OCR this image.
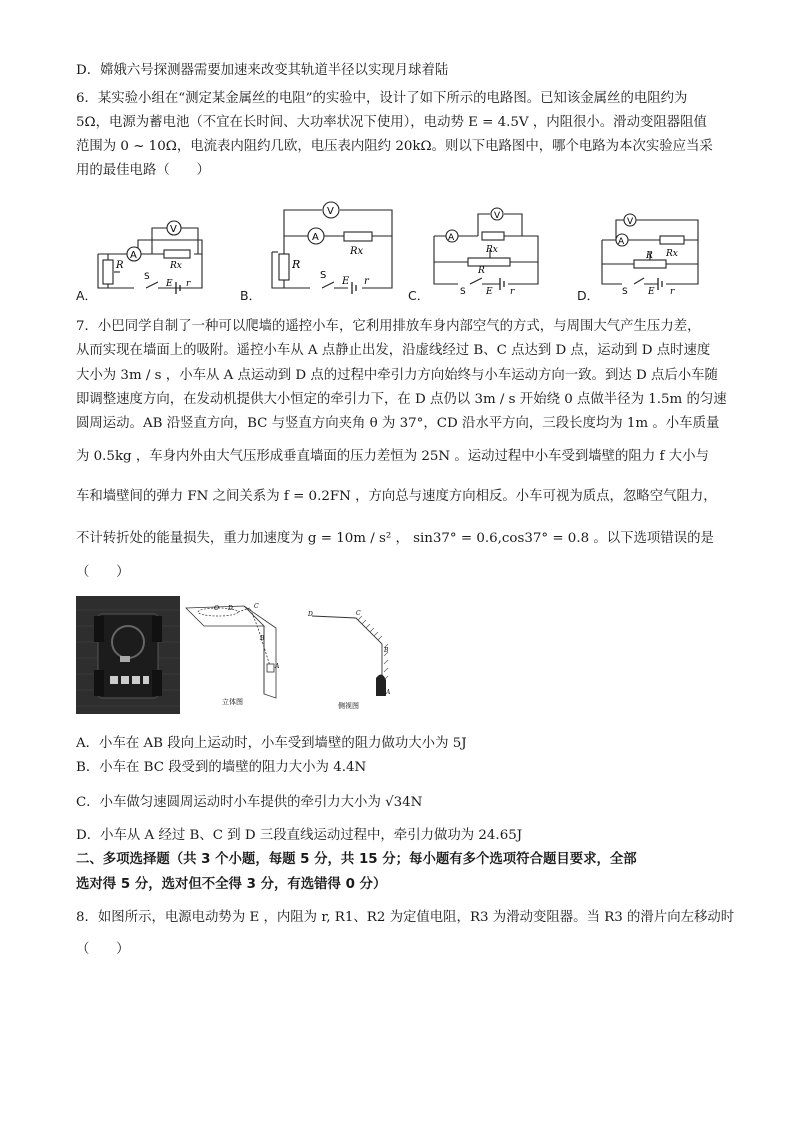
D．嫦娥六号探测器需要加速来改变其轨道半径以实现月球着陆
6．某实验小组在“测定某金属丝的电阻”的实验中，设计了如下所示的电路图。已知该金属丝的电阻约为
5Ω，电源为蓄电池（不宜在长时间、大功率状况下使用），电动势 E = 4.5V ，内阻很小。滑动变阻器阻值
范围为 0 ~ 10Ω，电流表内阻约几欧，电压表内阻约 20kΩ。则以下电路图中，哪个电路为本次实验应当采
用的最佳电路（　　）
A．	B．	C．	D．
A
V
R	Rx
S
E r
A
V
R
Rx
S
E r
A
V
Rx
R
S E r
A
V
Rx
R
S E r
7．小巴同学自制了一种可以爬墙的遥控小车，它利用排放车身内部空气的方式，与周围大气产生压力差，
从而实现在墙面上的吸附。遥控小车从 A 点静止出发，沿虚线经过 B、C 点达到 D 点，运动到 D 点时速度
大小为 3m / s ，小车从 A 点运动到 D 点的过程中牵引力方向始终与小车运动方向一致。到达 D 点后小车随
即调整速度方向，在发动机提供大小恒定的牵引力下，在 D 点仍以 3m / s 开始绕 0 点做半径为 1.5m 的匀速
圆周运动。AB 沿竖直方向，BC 与竖直方向夹角 θ 为 37°，CD 沿水平方向，三段长度均为 1m 。小车质量
为 0.5kg ，车身内外由大气压形成垂直墙面的压力差恒为 25N 。运动过程中小车受到墙壁的阻力 f 大小与
车和墙壁间的弹力 FN 之间关系为 f = 0.2FN ，方向总与速度方向相反。小车可视为质点，忽略空气阻力，
不计转折处的能量损失，重力加速度为 g = 10m / s² ， sin37° = 0.6,cos37° = 0.8 。以下选项错误的是
（　　）
O D	C
B
A
立体图
D	C
B
A
侧视图
A．小车在 AB 段向上运动时，小车受到墙壁的阻力做功大小为 5J
B．小车在 BC 段受到的墙壁的阻力大小为 4.4N
C．小车做匀速圆周运动时小车提供的牵引力大小为 √34N
D．小车从 A 经过 B、C 到 D 三段直线运动过程中，牵引力做功为 24.65J
二、多项选择题（共 3 个小题，每题 5 分，共 15 分；每小题有多个选项符合题目要求，全部
选对得 5 分，选对但不全得 3 分，有选错得 0 分）
8．如图所示，电源电动势为 E ，内阻为 r, R1、R2 为定值电阻，R3 为滑动变阻器。当 R3 的滑片向左移动时
（　　）
